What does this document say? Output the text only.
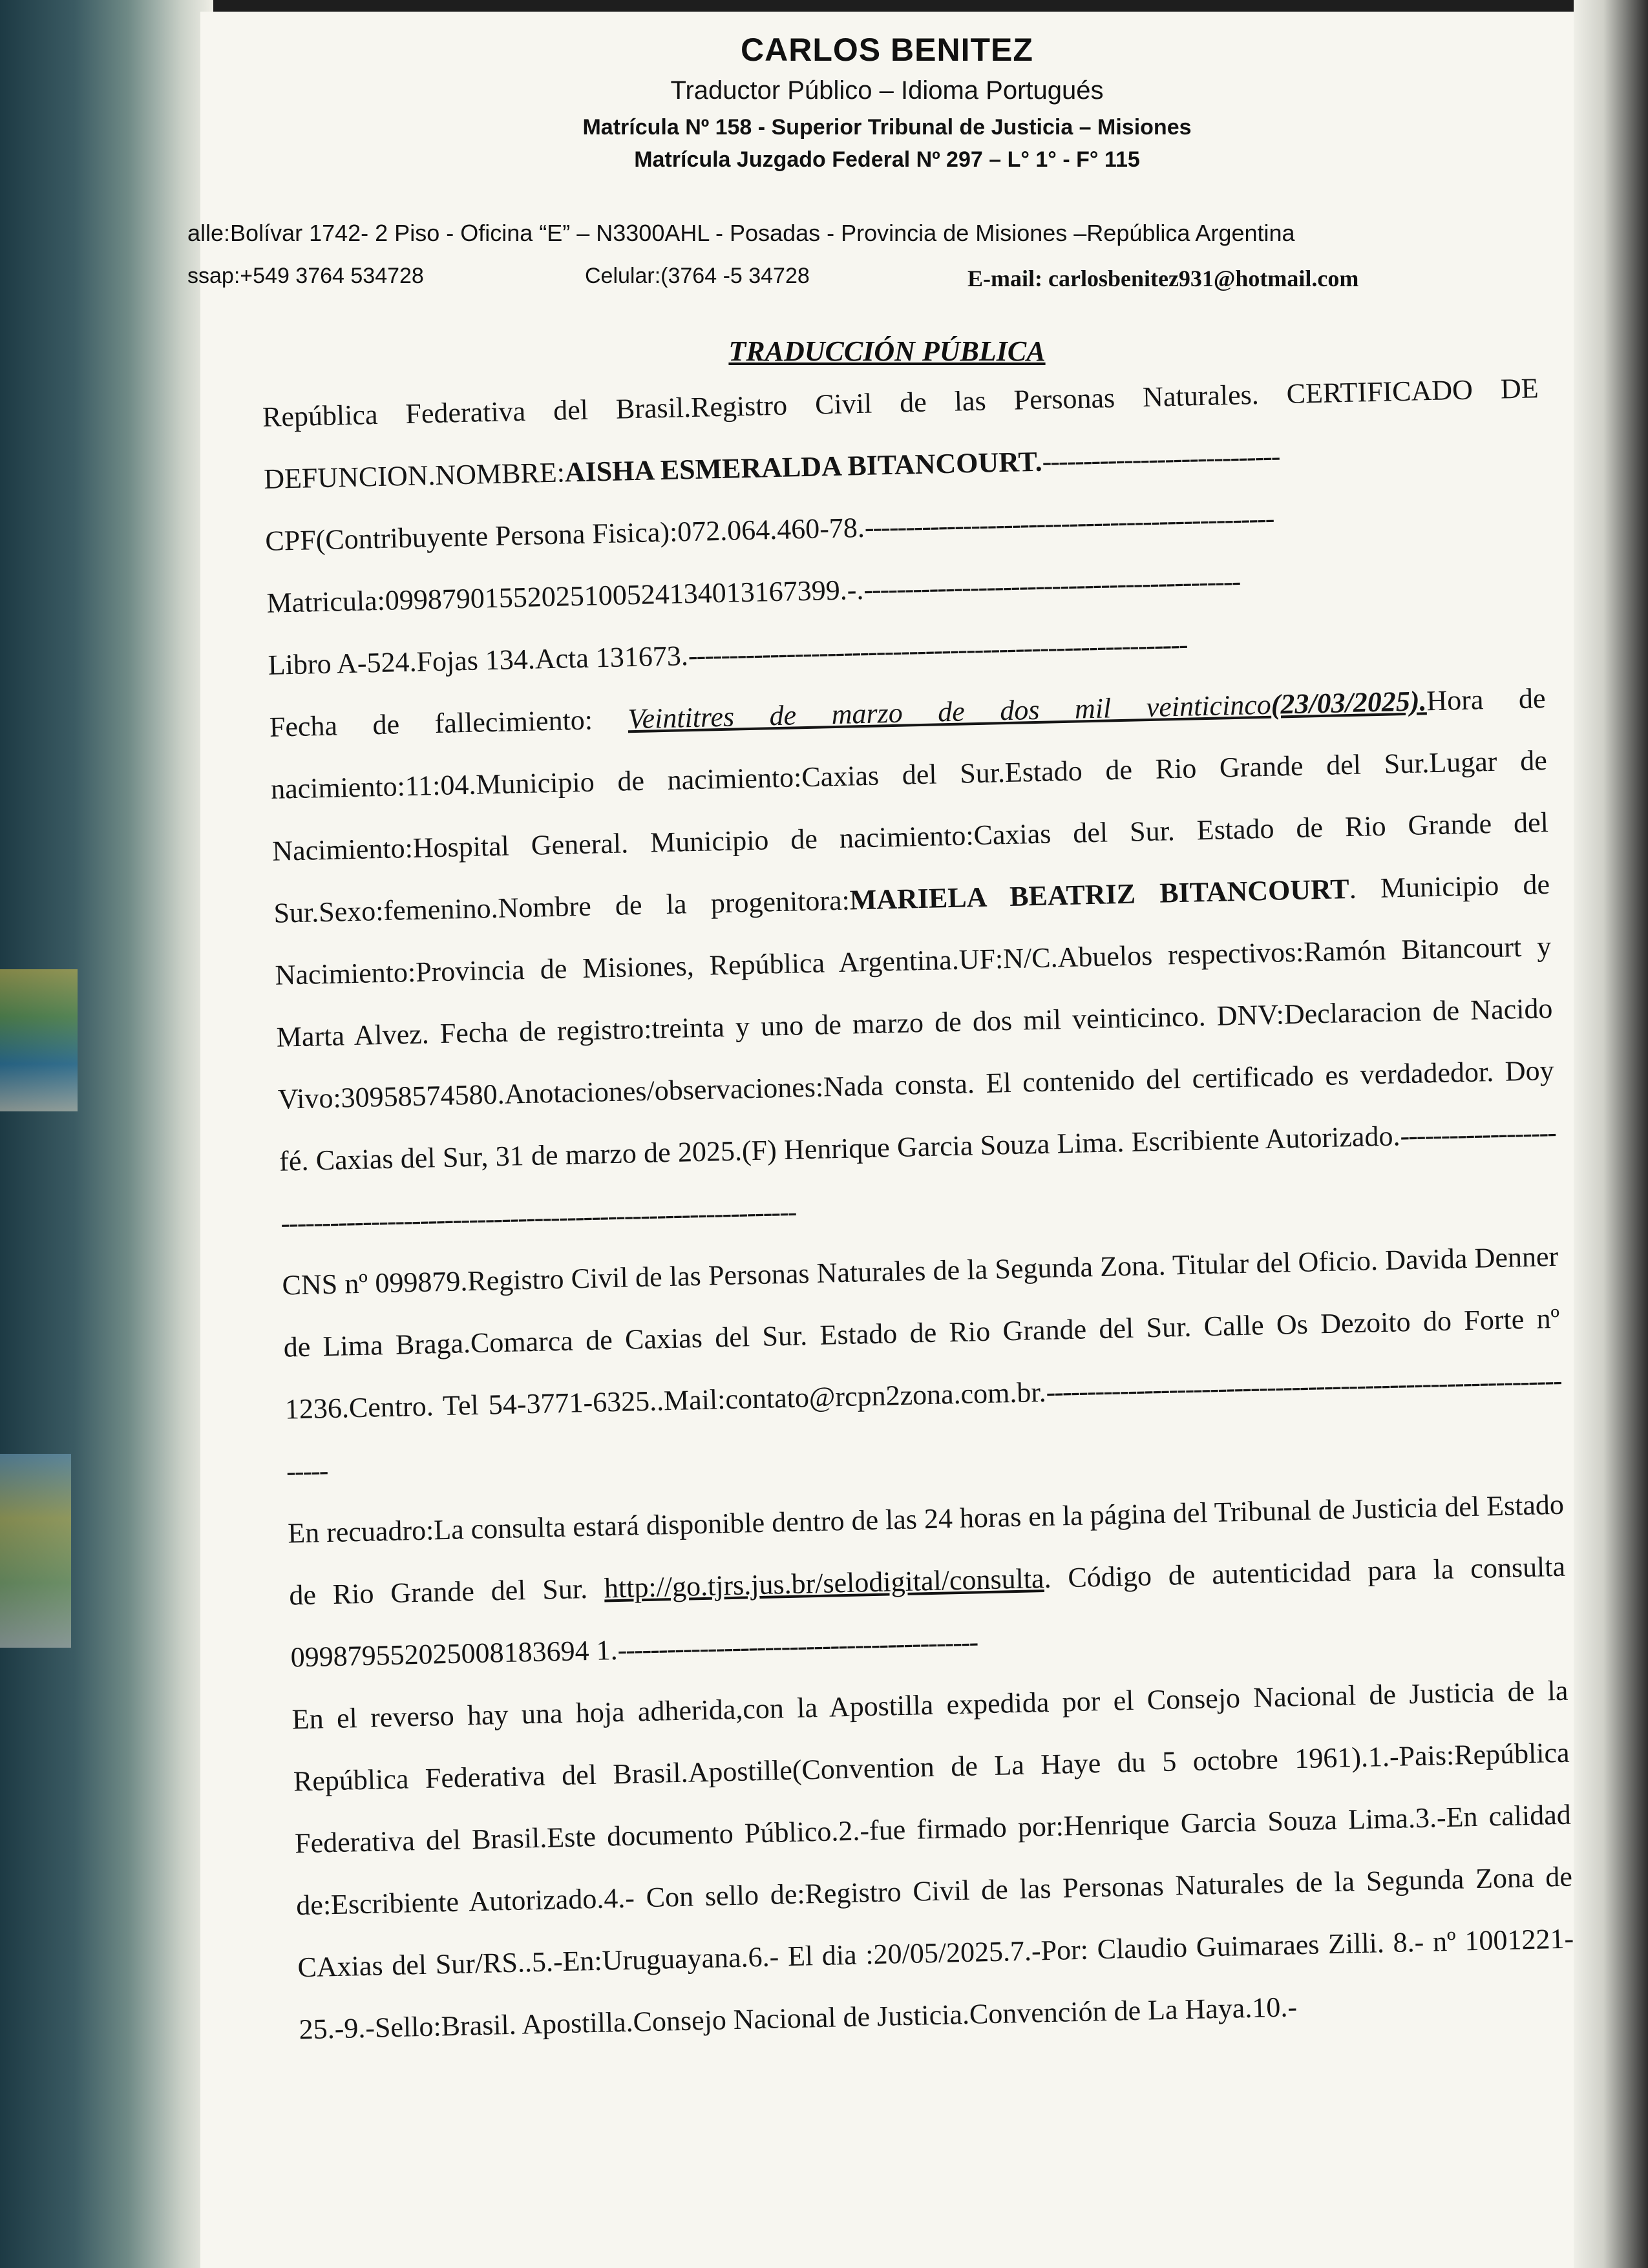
CARLOS BENITEZ
Traductor Público – Idioma Portugués
Matrícula Nº 158 - Superior Tribunal de Justicia – Misiones
Matrícula Juzgado Federal Nº 297 – L° 1° - F° 115
alle:Bolívar 1742- 2 Piso - Oficina “E” – N3300AHL - Posadas - Provincia de Misiones –República Argentina
ssap:+549 3764 534728	Celular:(3764 -5 34728	E-mail: carlosbenitez931@hotmail.com
TRADUCCIÓN PÚBLICA

República Federativa del Brasil.Registro Civil de las Personas Naturales. CERTIFICADO DE DEFUNCION.NOMBRE:AISHA ESMERALDA BITANCOURT.-----------------------------

CPF(Contribuyente Persona Fisica):072.064.460-78.--------------------------------------------------

Matricula:09987901552025100524134013167399.-.----------------------------------------------

Libro A-524.Fojas 134.Acta 131673.-------------------------------------------------------------

Fecha de fallecimiento: Veintitres de marzo de dos mil veinticinco(23/03/2025).Hora de nacimiento:11:04.Municipio de nacimiento:Caxias del Sur.Estado de Rio Grande del Sur.Lugar de Nacimiento:Hospital General. Municipio de nacimiento:Caxias del Sur. Estado de Rio Grande del Sur.Sexo:femenino.Nombre de la progenitora:MARIELA BEATRIZ BITANCOURT. Municipio de Nacimiento:Provincia de Misiones, República Argentina.UF:N/C.Abuelos respectivos:Ramón Bitancourt y Marta Alvez. Fecha de registro:treinta y uno de marzo de dos mil veinticinco. DNV:Declaracion de Nacido Vivo:30958574580.Anotaciones/observaciones:Nada consta. El contenido del certificado es verdadedor. Doy fé. Caxias del Sur, 31 de marzo de 2025.(F) Henrique Garcia Souza Lima. Escribiente Autorizado.----------------------------------------------------------------------------------

CNS nº 099879.Registro Civil de las Personas Naturales de la Segunda Zona. Titular del Oficio. Davida Denner de Lima Braga.Comarca de Caxias del Sur. Estado de Rio Grande del Sur. Calle Os Dezoito do Forte nº 1236.Centro. Tel 54-3771-6325..Mail:contato@rcpn2zona.com.br.--------------------------------------------------------------------

En recuadro:La consulta estará disponible dentro de las 24 horas en la página del Tribunal de Justicia del Estado de Rio Grande del Sur. http://go.tjrs.jus.br/selodigital/consulta. Código de autenticidad para la consulta 099879552025008183694 1.--------------------------------------------

En el reverso hay una hoja adherida,con la Apostilla expedida por el Consejo Nacional de Justicia de la República Federativa del Brasil.Apostille(Convention de La Haye du 5 octobre 1961).1.-Pais:República Federativa del Brasil.Este documento Público.2.-fue firmado por:Henrique Garcia Souza Lima.3.-En calidad de:Escribiente Autorizado.4.- Con sello de:Registro Civil de las Personas Naturales de la Segunda Zona de CAxias del Sur/RS..5.-En:Uruguayana.6.- El dia :20/05/2025.7.-Por: Claudio Guimaraes Zilli. 8.- nº 1001221-25.-9.-Sello:Brasil. Apostilla.Consejo Nacional de Justicia.Convención de La Haya.10.-
